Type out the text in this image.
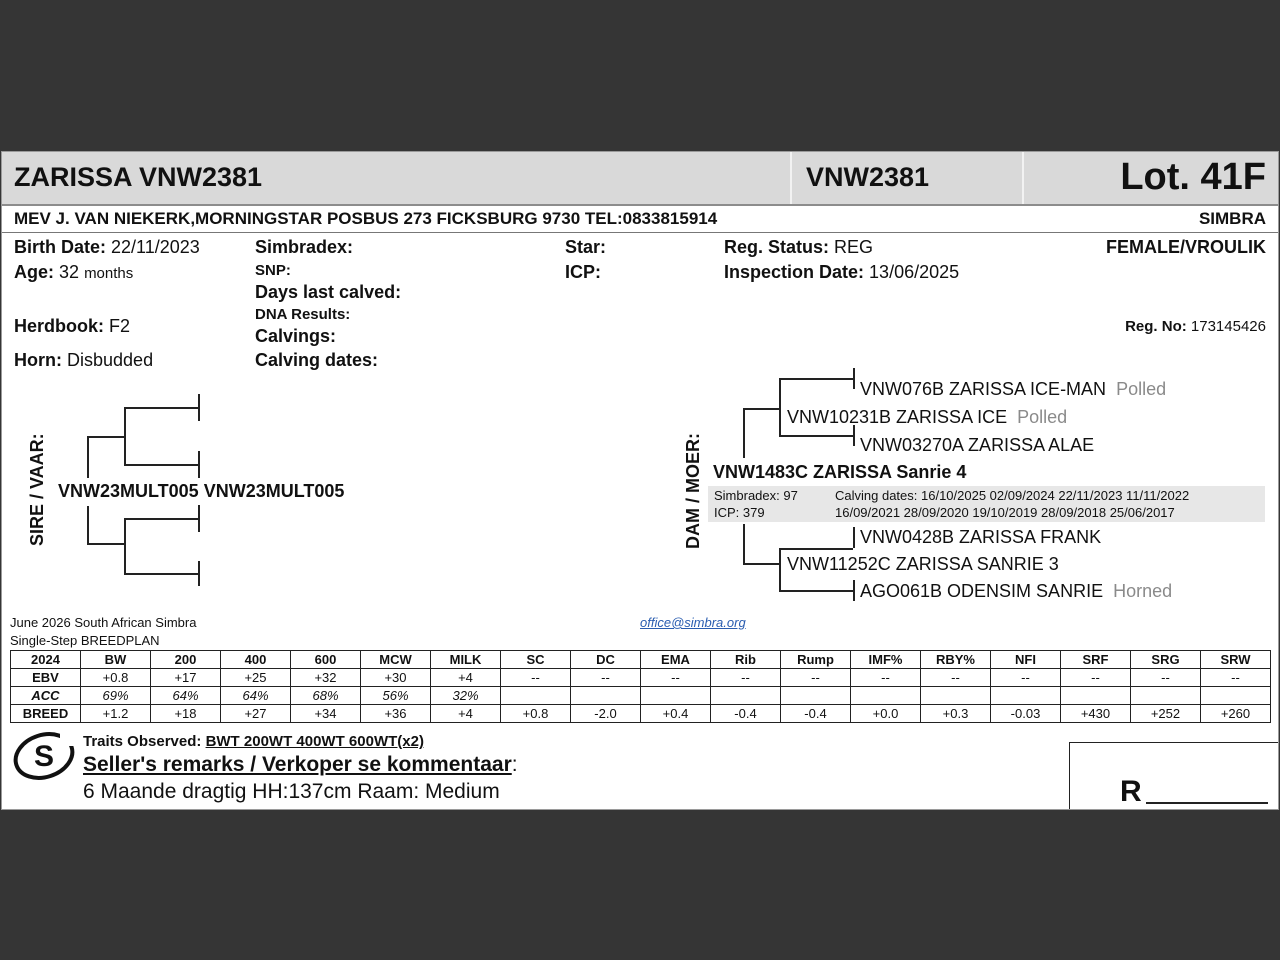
ZARISSA VNW2381	VNW2381	Lot. 41F
MEV J. VAN NIEKERK,MORNINGSTAR POSBUS 273 FICKSBURG 9730 TEL:0833815914	SIMBRA
Birth Date: 22/11/2023
Age: 32 months
Herdbook: F2
Horn: Disbudded
Simbradex:
SNP:
Days last calved:
DNA Results:
Calvings:
Calving dates:
Star:
ICP:
Reg. Status: REG
Inspection Date: 13/06/2025
FEMALE/VROULIK
Reg. No: 173145426
SIRE / VAAR: VNW23MULT005 VNW23MULT005	DAM / MOER:
VNW076B ZARISSA ICE-MAN Polled
VNW10231B ZARISSA ICE Polled
VNW03270A ZARISSA ALAE
VNW1483C ZARISSA Sanrie 4
Simbradex: 97
ICP: 379
Calving dates: 16/10/2025 02/09/2024 22/11/2023 11/11/2022
16/09/2021 28/09/2020 19/10/2019 28/09/2018 25/06/2017
VNW0428B ZARISSA FRANK
VNW11252C ZARISSA SANRIE 3
AGO061B ODENSIM SANRIE Horned
June 2026 South African Simbra
Single-Step BREEDPLAN
office@simbra.org
2024	BW	200	400	600	MCW	MILK	SC	DC	EMA	Rib	Rump	IMF%	RBY%	NFI	SRF	SRG	SRW
EBV	+0.8	+17	+25	+32	+30	+4	--	--	--	--	--	--	--	--	--	--	--
ACC	69%	64%	64%	68%	56%	32%											
BREED	+1.2	+18	+27	+34	+36	+4	+0.8	-2.0	+0.4	-0.4	-0.4	+0.0	+0.3	-0.03	+430	+252	+260
S Traits Observed: BWT 200WT 400WT 600WT(x2)
Seller's remarks / Verkoper se kommentaar:
6 Maande dragtig HH:137cm Raam: Medium	R
